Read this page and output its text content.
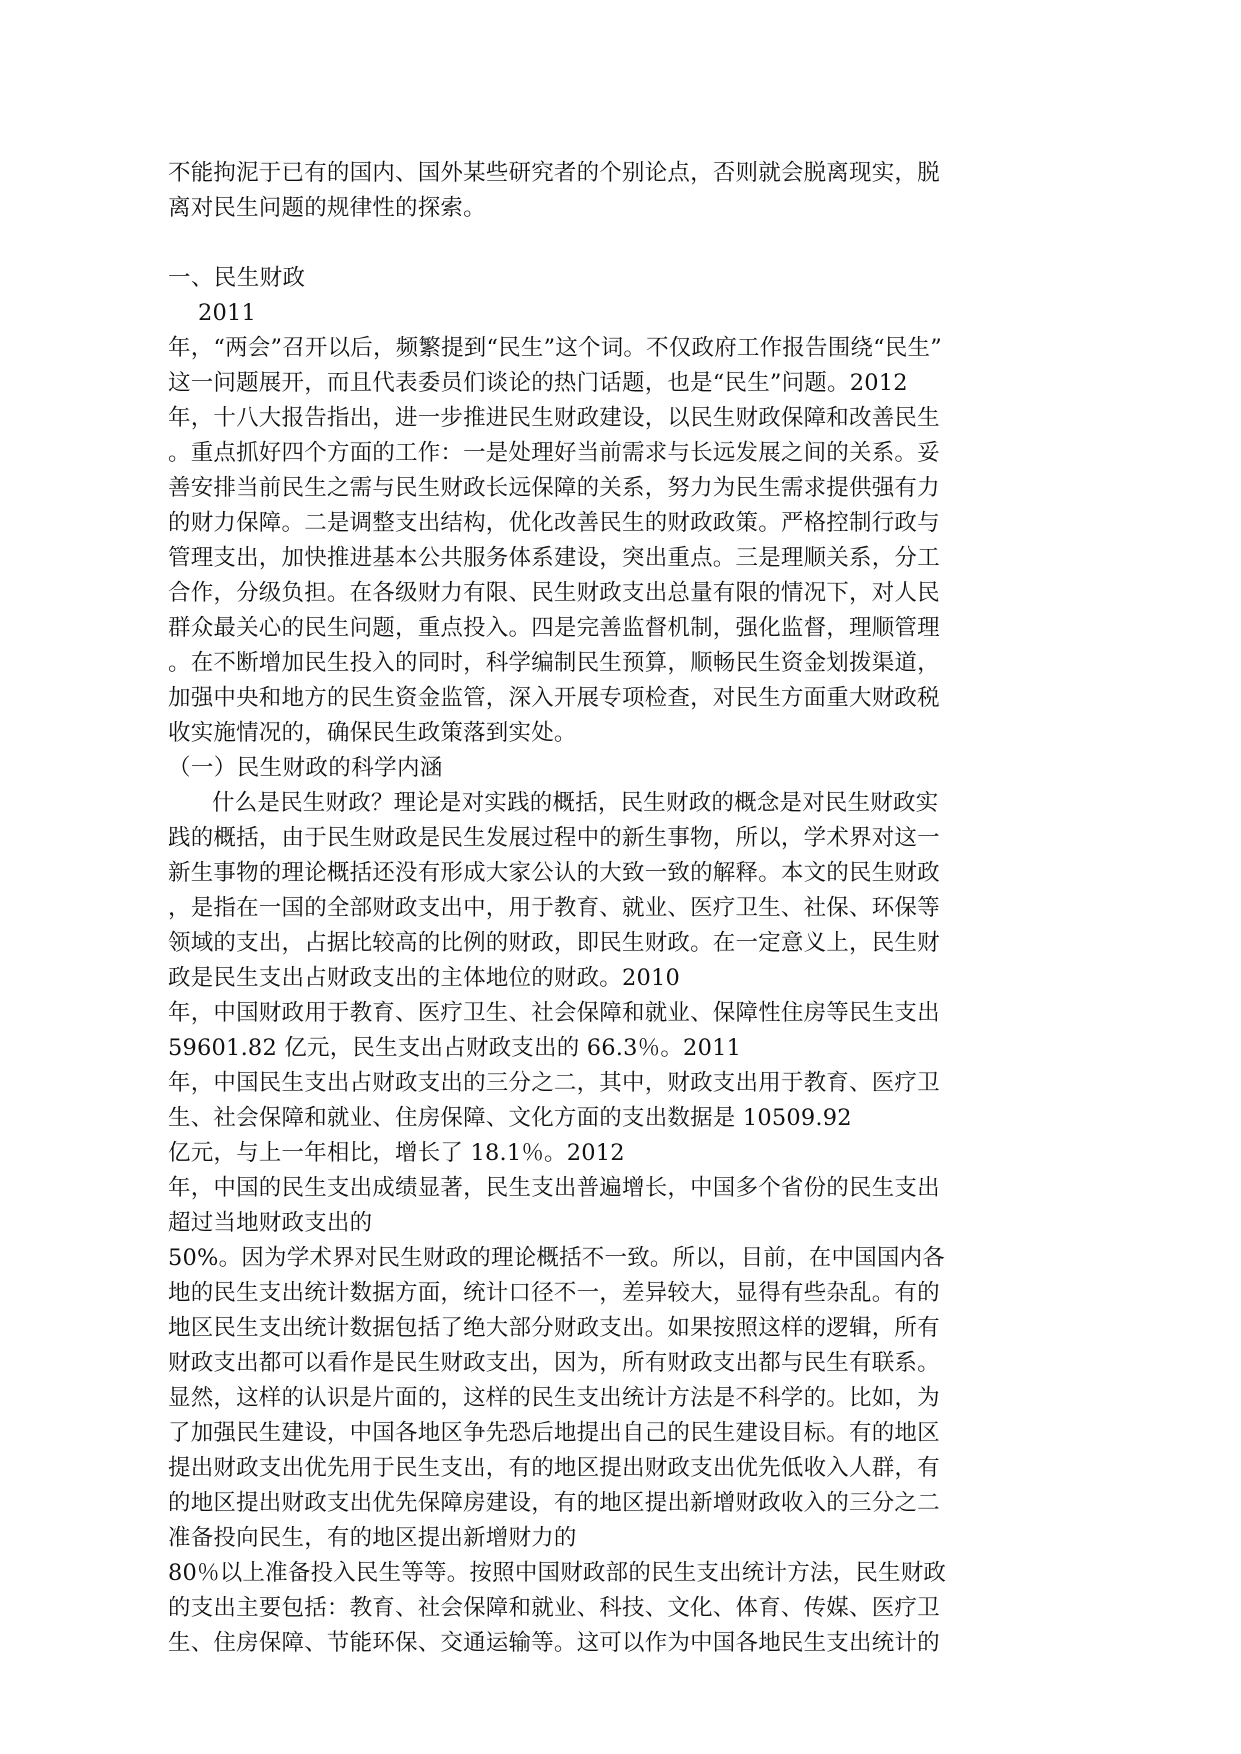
不能拘泥于已有的国内、国外某些研究者的个别论点，否则就会脱离现实，脱
离对民生问题的规律性的探索。
一、民生财政
2011
年，“两会”召开以后，频繁提到“民生”这个词。不仅政府工作报告围绕“民生”
这一问题展开，而且代表委员们谈论的热门话题，也是“民生”问题。2012
年，十八大报告指出，进一步推进民生财政建设，以民生财政保障和改善民生
。重点抓好四个方面的工作：一是处理好当前需求与长远发展之间的关系。妥
善安排当前民生之需与民生财政长远保障的关系，努力为民生需求提供强有力
的财力保障。二是调整支出结构，优化改善民生的财政政策。严格控制行政与
管理支出，加快推进基本公共服务体系建设，突出重点。三是理顺关系，分工
合作，分级负担。在各级财力有限、民生财政支出总量有限的情况下，对人民
群众最关心的民生问题，重点投入。四是完善监督机制，强化监督，理顺管理
。在不断增加民生投入的同时，科学编制民生预算，顺畅民生资金划拨渠道，
加强中央和地方的民生资金监管，深入开展专项检查，对民生方面重大财政税
收实施情况的，确保民生政策落到实处。
（一）民生财政的科学内涵
什么是民生财政？理论是对实践的概括，民生财政的概念是对民生财政实
践的概括，由于民生财政是民生发展过程中的新生事物，所以，学术界对这一
新生事物的理论概括还没有形成大家公认的大致一致的解释。本文的民生财政
，是指在一国的全部财政支出中，用于教育、就业、医疗卫生、社保、环保等
领域的支出，占据比较高的比例的财政，即民生财政。在一定意义上，民生财
政是民生支出占财政支出的主体地位的财政。2010
年，中国财政用于教育、医疗卫生、社会保障和就业、保障性住房等民生支出
59601.82 亿元，民生支出占财政支出的 66.3％。2011
年，中国民生支出占财政支出的三分之二，其中，财政支出用于教育、医疗卫
生、社会保障和就业、住房保障、文化方面的支出数据是 10509.92
亿元，与上一年相比，增长了 18.1％。2012
年，中国的民生支出成绩显著，民生支出普遍增长，中国多个省份的民生支出
超过当地财政支出的
50%。因为学术界对民生财政的理论概括不一致。所以，目前，在中国国内各
地的民生支出统计数据方面，统计口径不一，差异较大，显得有些杂乱。有的
地区民生支出统计数据包括了绝大部分财政支出。如果按照这样的逻辑，所有
财政支出都可以看作是民生财政支出，因为，所有财政支出都与民生有联系。
显然，这样的认识是片面的，这样的民生支出统计方法是不科学的。比如，为
了加强民生建设，中国各地区争先恐后地提出自己的民生建设目标。有的地区
提出财政支出优先用于民生支出，有的地区提出财政支出优先低收入人群，有
的地区提出财政支出优先保障房建设，有的地区提出新增财政收入的三分之二
准备投向民生，有的地区提出新增财力的
80％以上准备投入民生等等。按照中国财政部的民生支出统计方法，民生财政
的支出主要包括：教育、社会保障和就业、科技、文化、体育、传媒、医疗卫
生、住房保障、节能环保、交通运输等。这可以作为中国各地民生支出统计的
